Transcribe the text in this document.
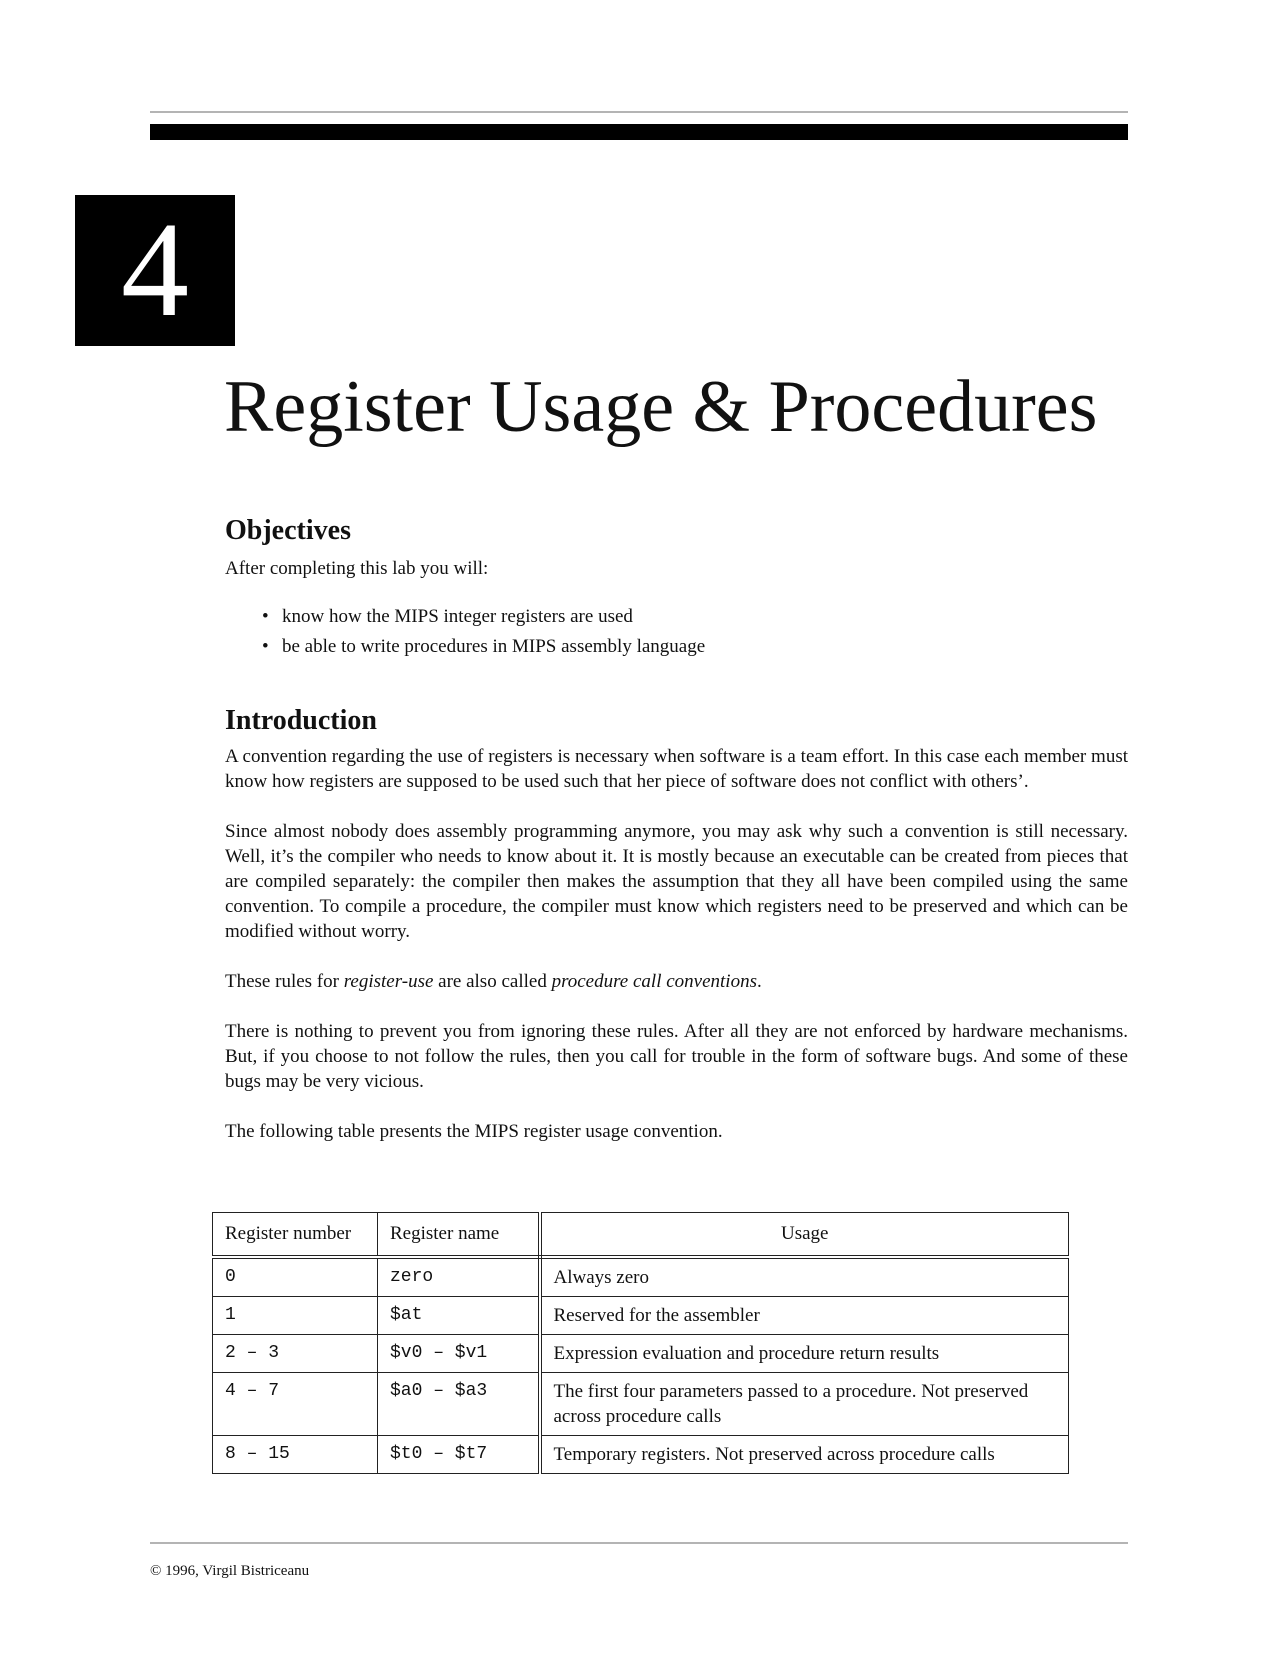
4
Register Usage & Procedures
Objectives

After completing this lab you will:

• know how the MIPS integer registers are used
• be able to write procedures in MIPS assembly language
Introduction

A convention regarding the use of registers is necessary when software is a team effort. In this case each member must know how registers are supposed to be used such that her piece of software does not conflict with others’.

Since almost nobody does assembly programming anymore, you may ask why such a convention is still necessary. Well, it’s the compiler who needs to know about it. It is mostly because an executable can be created from pieces that are compiled separately: the compiler then makes the assumption that they all have been compiled using the same convention. To compile a procedure, the compiler must know which registers need to be preserved and which can be modified without worry.

These rules for register-use are also called procedure call conventions.

There is nothing to prevent you from ignoring these rules. After all they are not enforced by hardware mechanisms. But, if you choose to not follow the rules, then you call for trouble in the form of software bugs. And some of these bugs may be very vicious.

The following table presents the MIPS register usage convention.

Register number	Register name	Usage
0	zero	Always zero
1	$at	Reserved for the assembler
2 – 3	$v0 – $v1	Expression evaluation and procedure return results
4 – 7	$a0 – $a3	The first four parameters passed to a procedure. Not preserved across procedure calls
8 – 15	$t0 – $t7	Temporary registers. Not preserved across procedure calls
© 1996, Virgil Bistriceanu
